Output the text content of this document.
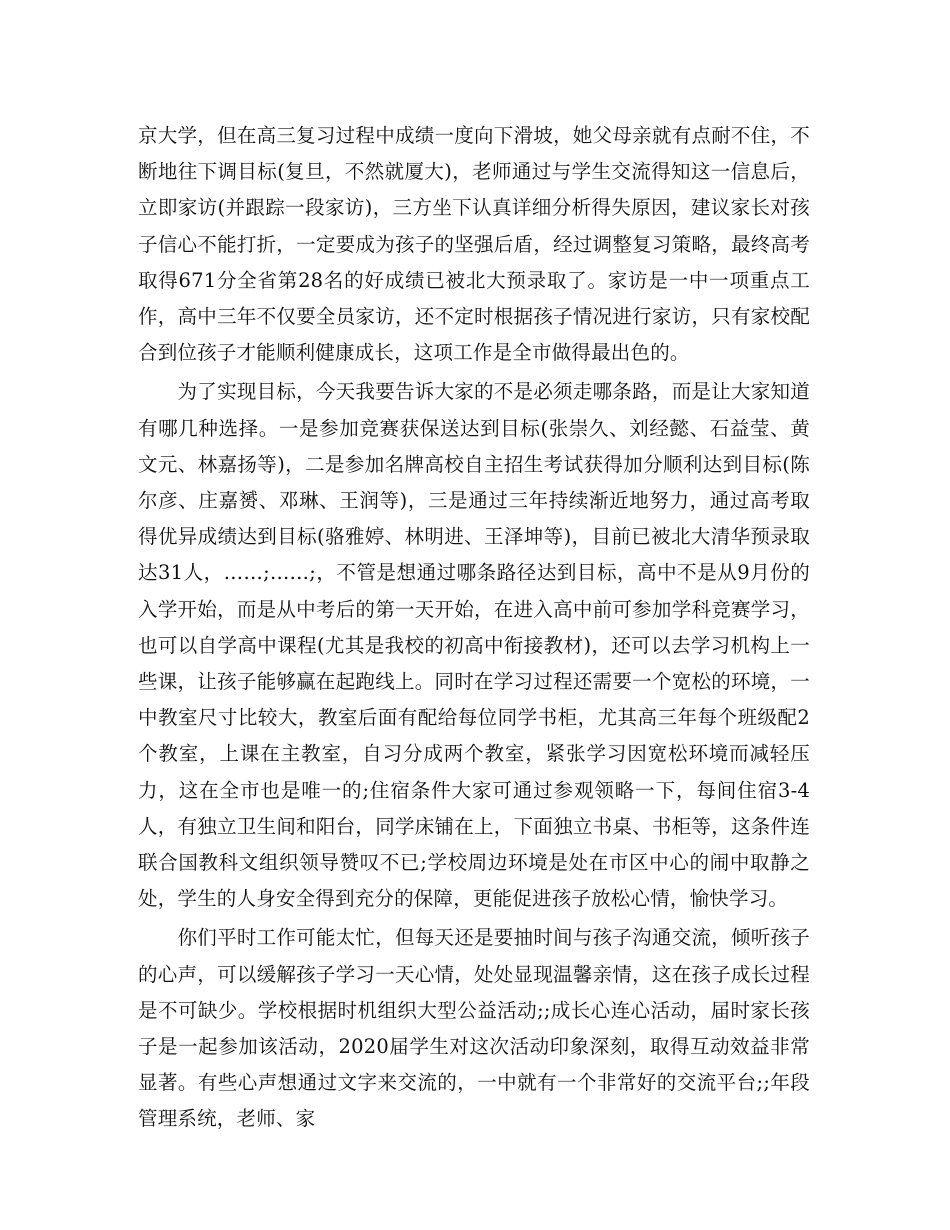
京大学，但在高三复习过程中成绩一度向下滑坡，她父母亲就有点耐不住，不断地往下调目标(复旦，不然就厦大)，老师通过与学生交流得知这一信息后，立即家访(并跟踪一段家访)，三方坐下认真详细分析得失原因，建议家长对孩子信心不能打折，一定要成为孩子的坚强后盾，经过调整复习策略，最终高考取得671分全省第28名的好成绩已被北大预录取了。家访是一中一项重点工作，高中三年不仅要全员家访，还不定时根据孩子情况进行家访，只有家校配合到位孩子才能顺利健康成长，这项工作是全市做得最出色的。

　　为了实现目标，今天我要告诉大家的不是必须走哪条路，而是让大家知道有哪几种选择。一是参加竞赛获保送达到目标(张崇久、刘经懿、石益莹、黄文元、林嘉扬等)，二是参加名牌高校自主招生考试获得加分顺利达到目标(陈尔彦、庄嘉赟、邓琳、王润等)，三是通过三年持续渐近地努力，通过高考取得优异成绩达到目标(骆雅婷、林明进、王泽坤等)，目前已被北大清华预录取达31人，……;……;，不管是想通过哪条路径达到目标，高中不是从9月份的入学开始，而是从中考后的第一天开始，在进入高中前可参加学科竞赛学习，也可以自学高中课程(尤其是我校的初高中衔接教材)，还可以去学习机构上一些课，让孩子能够赢在起跑线上。同时在学习过程还需要一个宽松的环境，一中教室尺寸比较大，教室后面有配给每位同学书柜，尤其高三年每个班级配2个教室，上课在主教室，自习分成两个教室，紧张学习因宽松环境而减轻压力，这在全市也是唯一的;住宿条件大家可通过参观领略一下，每间住宿3-4人，有独立卫生间和阳台，同学床铺在上，下面独立书桌、书柜等，这条件连联合国教科文组织领导赞叹不已;学校周边环境是处在市区中心的闹中取静之处，学生的人身安全得到充分的保障，更能促进孩子放松心情，愉快学习。

　　你们平时工作可能太忙，但每天还是要抽时间与孩子沟通交流，倾听孩子的心声，可以缓解孩子学习一天心情，处处显现温馨亲情，这在孩子成长过程是不可缺少。学校根据时机组织大型公益活动;;成长心连心活动，届时家长孩子是一起参加该活动，2020届学生对这次活动印象深刻，取得互动效益非常显著。有些心声想通过文字来交流的，一中就有一个非常好的交流平台;;年段管理系统，老师、家
